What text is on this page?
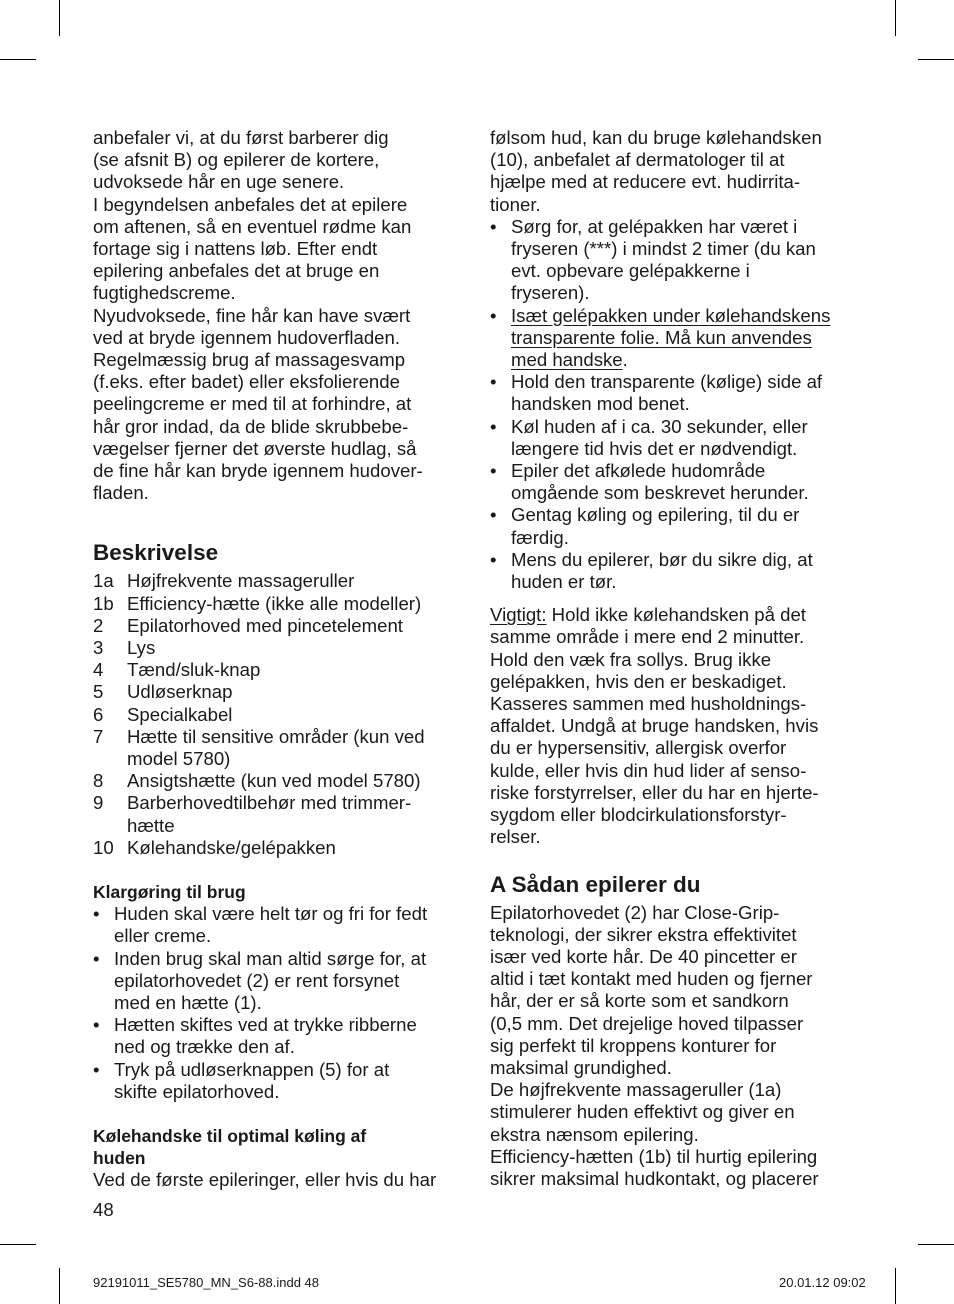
anbefaler vi, at du først barberer dig
(se afsnit B) og epilerer de kortere,
udvoksede hår en uge senere.
I begyndelsen anbefales det at epilere
om aftenen, så en eventuel rødme kan
fortage sig i nattens løb. Efter endt
epilering anbefales det at bruge en
fugtighedscreme.
Nyudvoksede, fine hår kan have svært
ved at bryde igennem hudoverfladen.
Regelmæssig brug af massagesvamp
(f.eks. efter badet) eller eksfolierende
peelingcreme er med til at forhindre, at
hår gror indad, da de blide skrubbebe-
vægelser fjerner det øverste hudlag, så
de fine hår kan bryde igennem hudover-
fladen.

Beskrivelse
1a Højfrekvente massageruller
1b Efficiency-hætte (ikke alle modeller)
2	Epilatorhoved med pincetelement
3	Lys
4	Tænd/sluk-knap
5	Udløserknap
6	Specialkabel
7	Hætte til sensitive områder (kun ved
model 5780)
8	Ansigtshætte (kun ved model 5780)
9	Barberhovedtilbehør med trimmer-
hætte
10 Kølehandske/gelépakken
Klargøring til brug
• Huden skal være helt tør og fri for fedt
eller creme.
• Inden brug skal man altid sørge for, at
epilatorhovedet (2) er rent forsynet
med en hætte (1).
• Hætten skiftes ved at trykke ribberne
ned og trække den af.
• Tryk på udløserknappen (5) for at
skifte epilatorhoved.
Kølehandske til optimal køling af
huden

Ved de første epileringer, eller hvis du har

følsom hud, kan du bruge kølehandsken
(10), anbefalet af dermatologer til at
hjælpe med at reducere evt. hudirrita-
tioner.

• Sørg for, at gelépakken har været i
fryseren (***) i mindst 2 timer (du kan
evt. opbevare gelépakkerne i
fryseren).
• Isæt gelépakken under kølehandskens
transparente folie. Må kun anvendes
med handske.
• Hold den transparente (kølige) side af
handsken mod benet.
• Køl huden af i ca. 30 sekunder, eller
længere tid hvis det er nødvendigt.
• Epiler det afkølede hudområde
omgående som beskrevet herunder.
• Gentag køling og epilering, til du er
færdig.
• Mens du epilerer, bør du sikre dig, at
huden er tør.

Vigtigt: Hold ikke kølehandsken på det
samme område i mere end 2 minutter.
Hold den væk fra sollys. Brug ikke
gelépakken, hvis den er beskadiget.
Kasseres sammen med husholdnings-
affaldet. Undgå at bruge handsken, hvis
du er hypersensitiv, allergisk overfor
kulde, eller hvis din hud lider af senso-
riske forstyrrelser, eller du har en hjerte-
sygdom eller blodcirkulationsforstyr-
relser.

A Sådan epilerer du

Epilatorhovedet (2) har Close-Grip-
teknologi, der sikrer ekstra effektivitet
især ved korte hår. De 40 pincetter er
altid i tæt kontakt med huden og fjerner
hår, der er så korte som et sandkorn
(0,5 mm. Det drejelige hoved tilpasser
sig perfekt til kroppens konturer for
maksimal grundighed.
De højfrekvente massageruller (1a)
stimulerer huden effektivt og giver en
ekstra nænsom epilering.
Efficiency-hætten (1b) til hurtig epilering
sikrer maksimal hudkontakt, og placerer

48
92191011_SE5780_MN_S6-88.indd 48	20.01.12 09:02
